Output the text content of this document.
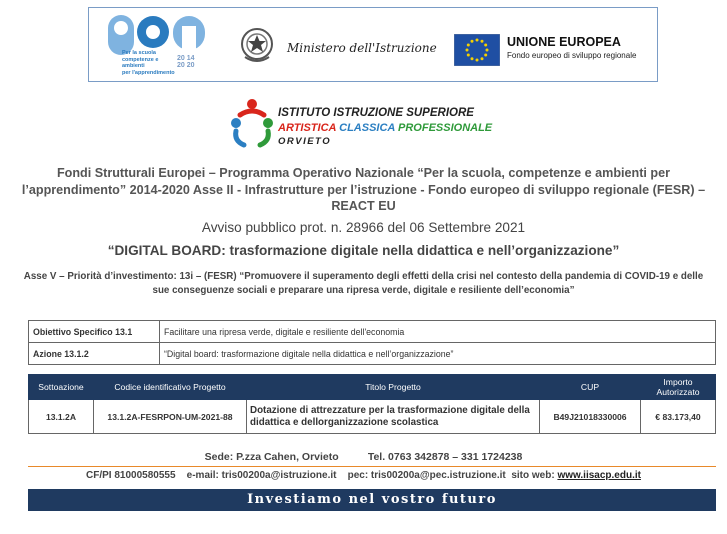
Per la scuola
competenze e ambienti
per l'apprendimento
20 14
20 20
Ministero dell'Istruzione	UNIONE EUROPEA
Fondo europeo di sviluppo regionale
ISTITUTO ISTRUZIONE SUPERIORE
ARTISTICA CLASSICA PROFESSIONALE
ORVIETO
Fondi Strutturali Europei – Programma Operativo Nazionale “Per la scuola, competenze e ambienti per l’apprendimento” 2014-2020 Asse II - Infrastrutture per l’istruzione - Fondo europeo di sviluppo regionale (FESR) – REACT EU
Avviso pubblico prot. n. 28966 del 06 Settembre 2021
“DIGITAL BOARD: trasformazione digitale nella didattica e nell’organizzazione”
Asse V – Priorità d’investimento: 13i – (FESR) “Promuovere il superamento degli effetti della crisi nel contesto della pandemia di COVID-19 e delle sue conseguenze sociali e preparare una ripresa verde, digitale e resiliente dell’economia”
Obiettivo Specifico 13.1	Facilitare una ripresa verde, digitale e resiliente dell'economia
Azione 13.1.2	“Digital board: trasformazione digitale nella didattica e nell’organizzazione”
Sottoazione	Codice identificativo Progetto	Titolo Progetto	CUP	Importo Autorizzato
13.1.2A	13.1.2A-FESRPON-UM-2021-88	Dotazione di attrezzature per la trasformazione digitale della didattica e dellorganizzazione scolastica	B49J21018330006	€ 83.173,40
Sede: P.zza Cahen, Orvieto          Tel. 0763 342878 – 331 1724238
CF/PI 81000580555 e-mail: tris00200a@istruzione.it pec: tris00200a@pec.istruzione.it sito web: www.iisacp.edu.it
Investiamo nel vostro futuro
